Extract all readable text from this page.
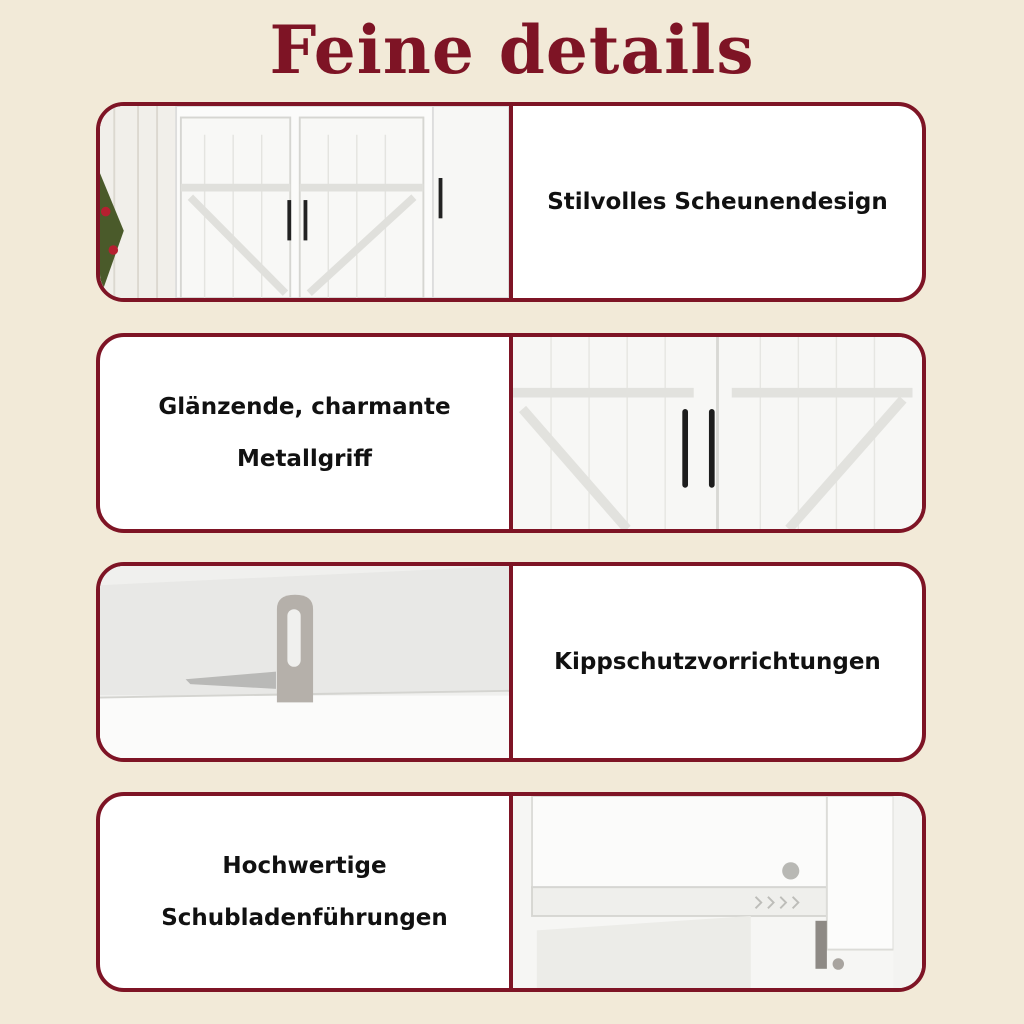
Feine details
Stilvolles Scheunendesign
Glänzende, charmante
Metallgriff
Kippschutzvorrichtungen
Hochwertige
Schubladenführungen
